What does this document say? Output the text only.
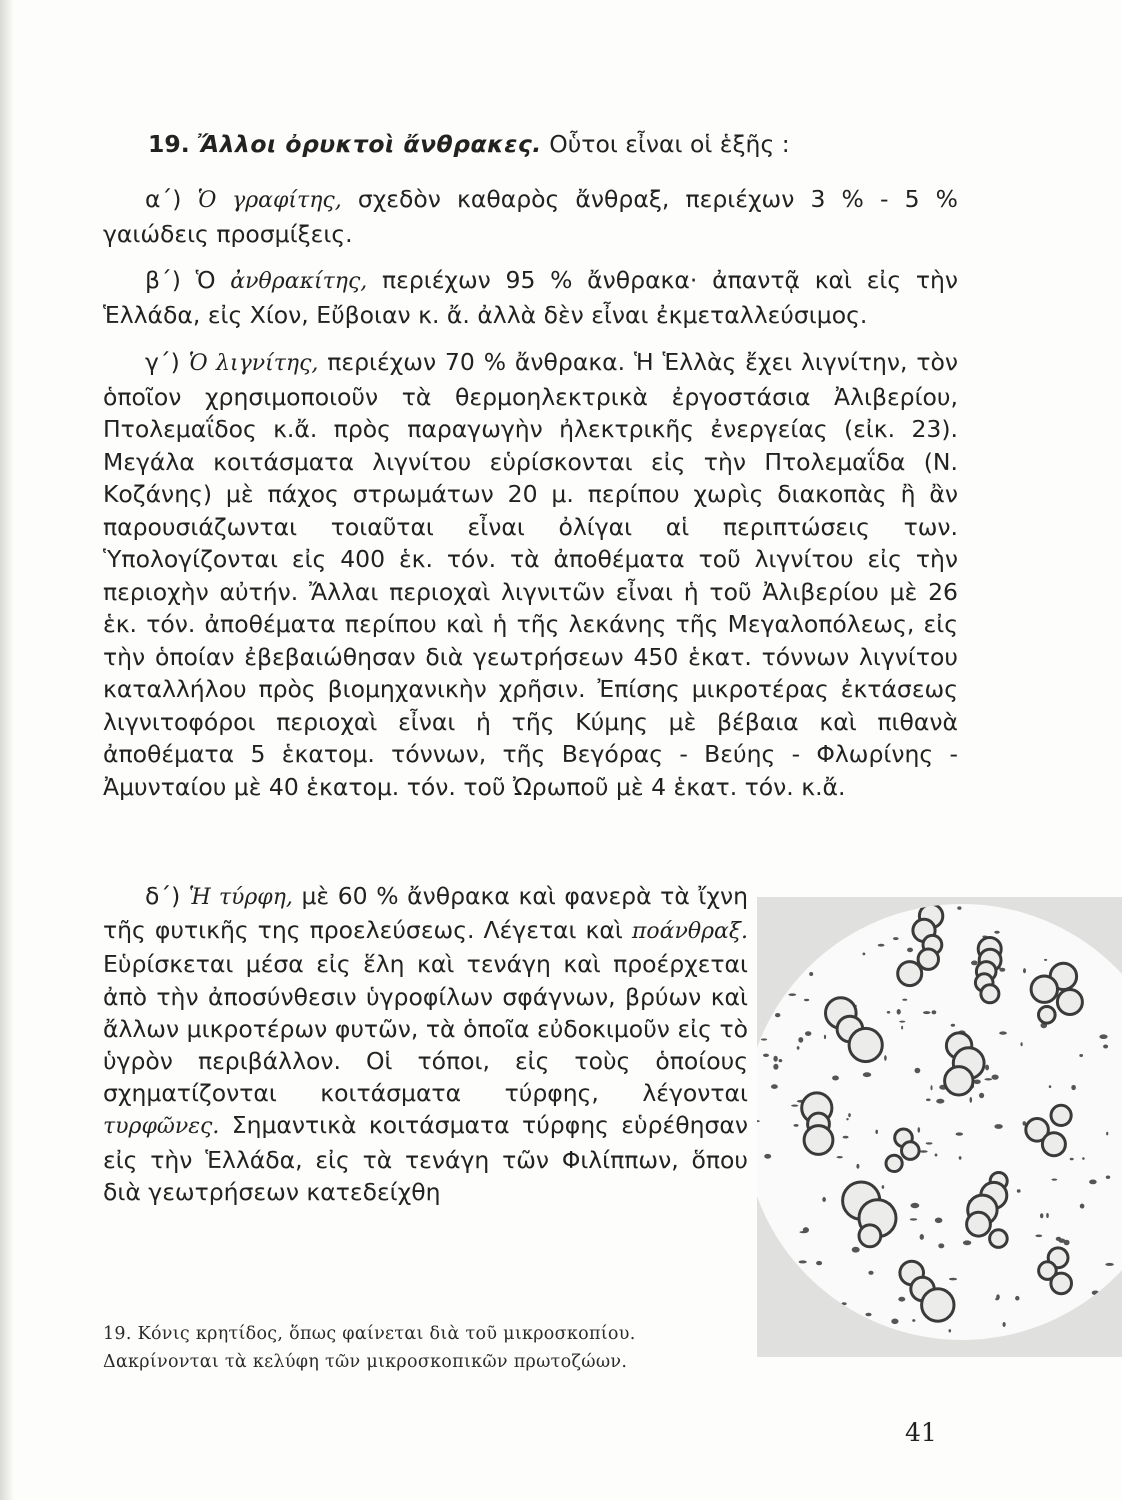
19. Ἄλλοι ὀρυκτοὶ ἄνθρακες. Οὗτοι εἶναι οἱ ἑξῆς :

α΄) Ὁ γραφίτης, σχεδὸν καθαρὸς ἄνθραξ, περιέχων 3 % - 5 % γαιώδεις προσμίξεις.

β΄) Ὁ ἀνθρακίτης, περιέχων 95 % ἄνθρακα· ἀπαντᾷ καὶ εἰς τὴν Ἑλλάδα, εἰς Χίον, Εὔβοιαν κ. ἄ. ἀλλὰ δὲν εἶναι ἐκμεταλλεύσιμος.

γ΄) Ὁ λιγνίτης, περιέχων 70 % ἄνθρακα. Ἡ Ἑλλὰς ἔχει λιγνίτην, τὸν ὁποῖον χρησιμοποιοῦν τὰ θερμοηλεκτρικὰ ἐργοστάσια Ἀλιβερίου, Πτολεμαΐδος κ.ἄ. πρὸς παραγωγὴν ἠλεκτρικῆς ἐνεργείας (εἰκ. 23). Μεγάλα κοιτάσματα λιγνίτου εὑρίσκονται εἰς τὴν Πτολεμαΐδα (Ν. Κοζάνης) μὲ πάχος στρωμάτων 20 μ. περίπου χωρὶς διακοπὰς ἢ ἂν παρουσιάζωνται τοιαῦται εἶναι ὀλίγαι αἱ περιπτώσεις των. Ὑπολογίζονται εἰς 400 ἑκ. τόν. τὰ ἀποθέματα τοῦ λιγνίτου εἰς τὴν περιοχὴν αὐτήν. Ἄλλαι περιοχαὶ λιγνιτῶν εἶναι ἡ τοῦ Ἀλιβερίου μὲ 26 ἑκ. τόν. ἀποθέματα περίπου καὶ ἡ τῆς λεκάνης τῆς Μεγαλοπόλεως, εἰς τὴν ὁποίαν ἐβεβαιώθησαν διὰ γεωτρήσεων 450 ἑκατ. τόννων λιγνίτου καταλλήλου πρὸς βιομηχανικὴν χρῆσιν. Ἐπίσης μικροτέρας ἐκτάσεως λιγνιτοφόροι περιοχαὶ εἶναι ἡ τῆς Κύμης μὲ βέβαια καὶ πιθανὰ ἀποθέματα 5 ἑκατομ. τόννων, τῆς Βεγόρας - Βεύης - Φλωρίνης - Ἀμυνταίου μὲ 40 ἑκατομ. τόν. τοῦ Ὠρωποῦ μὲ 4 ἑκατ. τόν. κ.ἄ.

δ΄) Ἡ τύρφη, μὲ 60 % ἄνθρακα καὶ φανερὰ τὰ ἴχνη τῆς φυτικῆς της προελεύσεως. Λέγεται καὶ ποάνθραξ. Εὑρίσκεται μέσα εἰς ἕλη καὶ τενάγη καὶ προέρχεται ἀπὸ τὴν ἀποσύνθεσιν ὑγροφίλων σφάγνων, βρύων καὶ ἄλλων μικροτέρων φυτῶν, τὰ ὁποῖα εὐδοκιμοῦν εἰς τὸ ὑγρὸν περιβάλλον. Οἱ τόποι, εἰς τοὺς ὁποίους σχηματίζονται κοιτάσματα τύρφης, λέγονται τυρφῶνες. Σημαντικὰ κοιτάσματα τύρφης εὑρέθησαν εἰς τὴν Ἑλλάδα, εἰς τὰ τενάγη τῶν Φιλίππων, ὅπου διὰ γεωτρήσεων κατεδείχθη

19. Κόνις κρητίδος, ὅπως φαίνεται διὰ τοῦ μικροσκοπίου.
Δακρίνονται τὰ κελύφη τῶν μικροσκοπικῶν πρωτοζώων.
41
